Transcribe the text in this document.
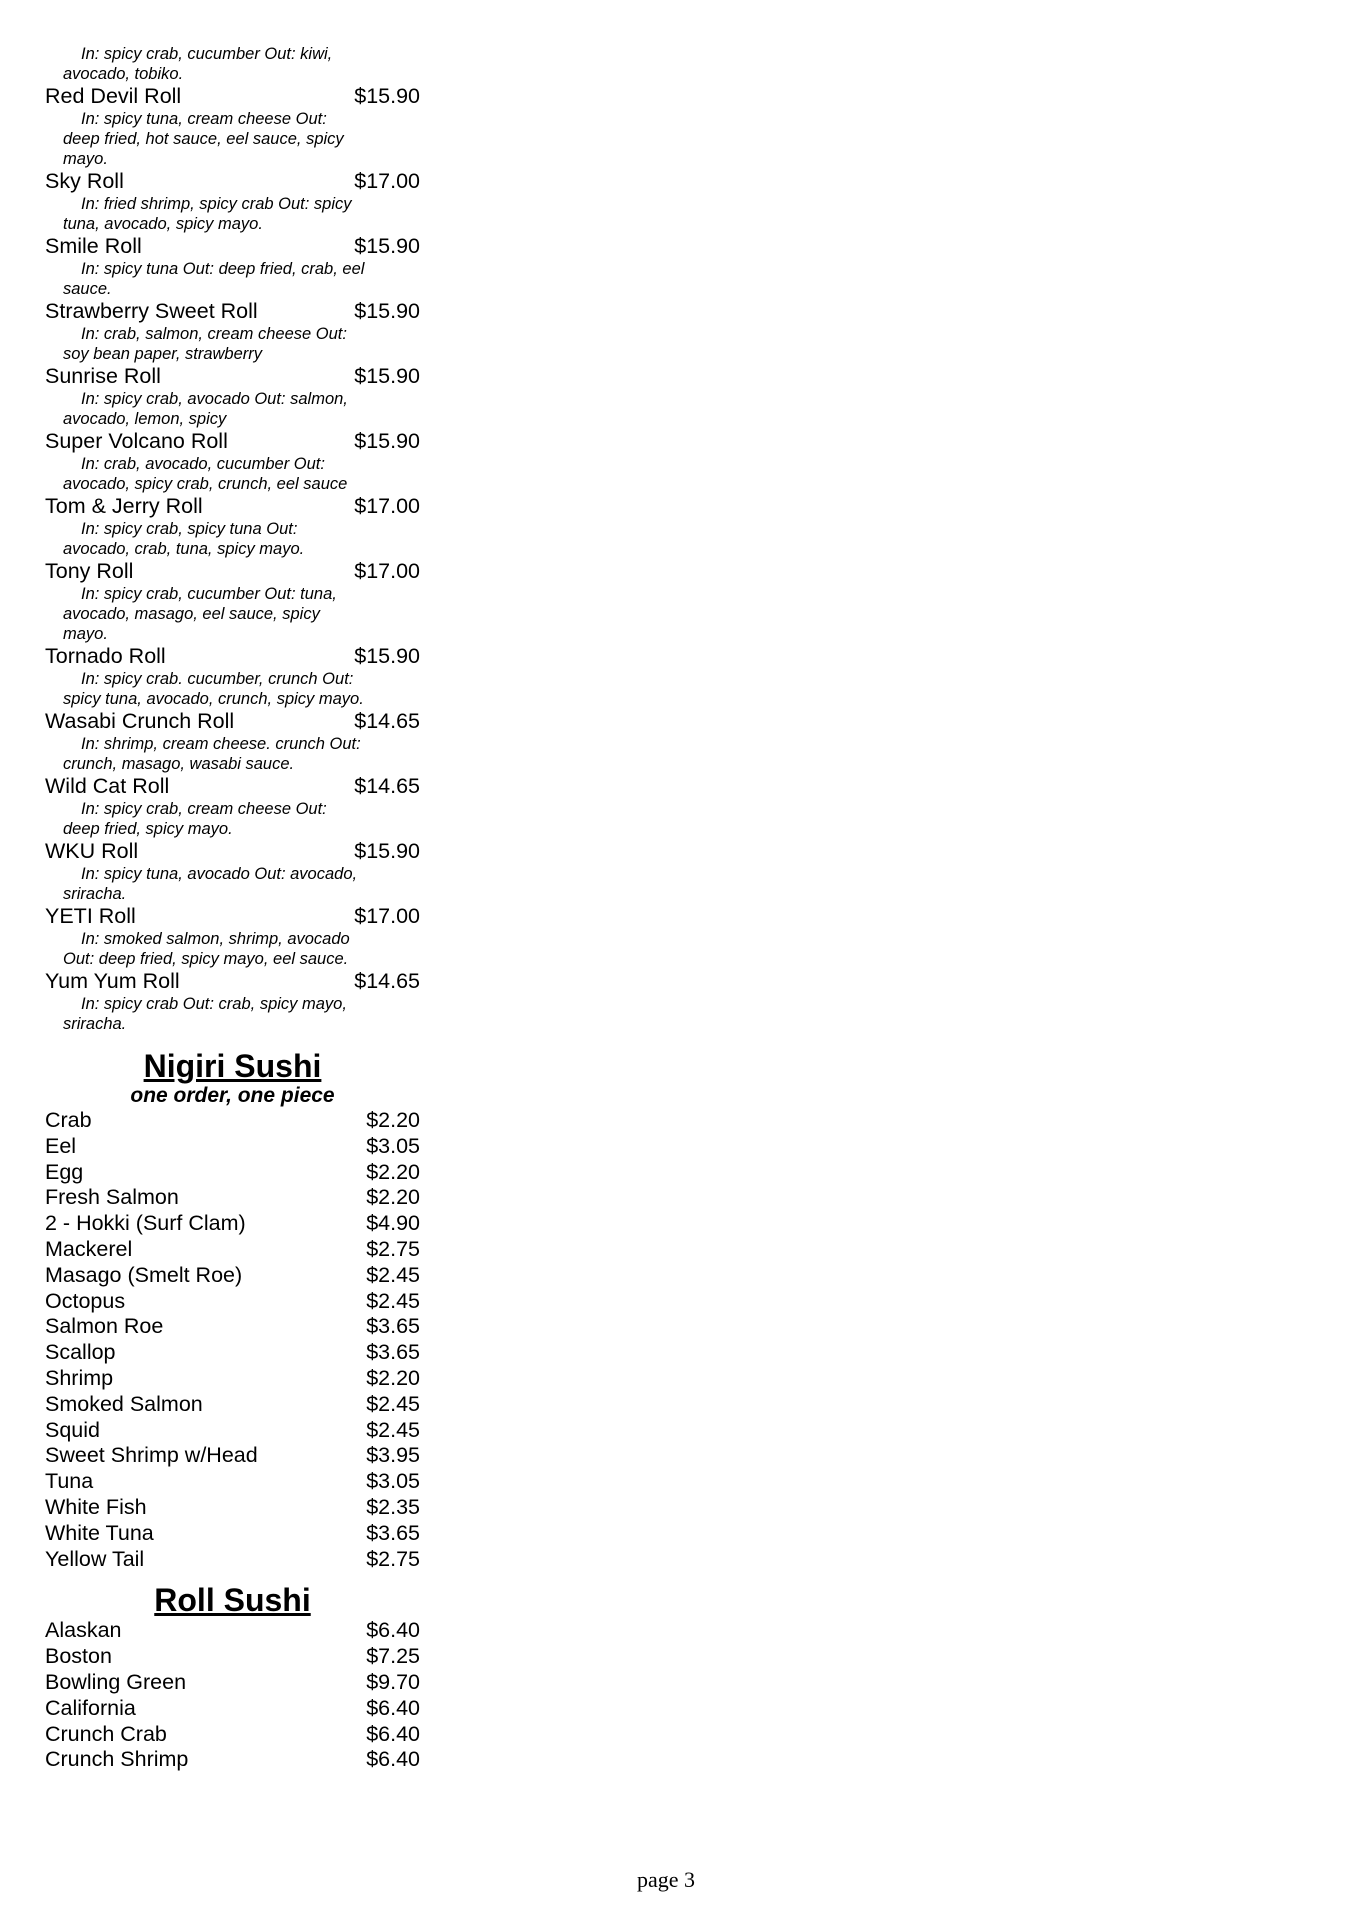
In: spicy crab, cucumber Out: kiwi, avocado, tobiko.
Red Devil Roll	$15.90
In: spicy tuna, cream cheese Out: deep fried, hot sauce, eel sauce, spicy mayo.
Sky Roll	$17.00
In: fried shrimp, spicy crab Out: spicy tuna, avocado, spicy mayo.
Smile Roll	$15.90
In: spicy tuna Out: deep fried, crab, eel sauce.
Strawberry Sweet Roll	$15.90
In: crab, salmon, cream cheese Out: soy bean paper, strawberry
Sunrise Roll	$15.90
In: spicy crab, avocado Out: salmon, avocado, lemon, spicy
Super Volcano Roll	$15.90
In: crab, avocado, cucumber Out: avocado, spicy crab, crunch, eel sauce
Tom & Jerry Roll	$17.00
In: spicy crab, spicy tuna Out: avocado, crab, tuna, spicy mayo.
Tony Roll	$17.00
In: spicy crab, cucumber Out: tuna, avocado, masago, eel sauce, spicy mayo.
Tornado Roll	$15.90
In: spicy crab. cucumber, crunch Out: spicy tuna, avocado, crunch, spicy mayo.
Wasabi Crunch Roll	$14.65
In: shrimp, cream cheese. crunch Out: crunch, masago, wasabi sauce.
Wild Cat Roll	$14.65
In: spicy crab, cream cheese Out: deep fried, spicy mayo.
WKU Roll	$15.90
In: spicy tuna, avocado Out: avocado, sriracha.
YETI Roll	$17.00
In: smoked salmon, shrimp, avocado Out: deep fried, spicy mayo, eel sauce.
Yum Yum Roll	$14.65
In: spicy crab Out: crab, spicy mayo, sriracha.
Nigiri Sushi
one order, one piece
Crab	$2.20
Eel	$3.05
Egg	$2.20
Fresh Salmon	$2.20
2 - Hokki (Surf Clam)	$4.90
Mackerel	$2.75
Masago (Smelt Roe)	$2.45
Octopus	$2.45
Salmon Roe	$3.65
Scallop	$3.65
Shrimp	$2.20
Smoked Salmon	$2.45
Squid	$2.45
Sweet Shrimp w/Head	$3.95
Tuna	$3.05
White Fish	$2.35
White Tuna	$3.65
Yellow Tail	$2.75
Roll Sushi
Alaskan	$6.40
Boston	$7.25
Bowling Green	$9.70
California	$6.40
Crunch Crab	$6.40
Crunch Shrimp	$6.40
page 3
